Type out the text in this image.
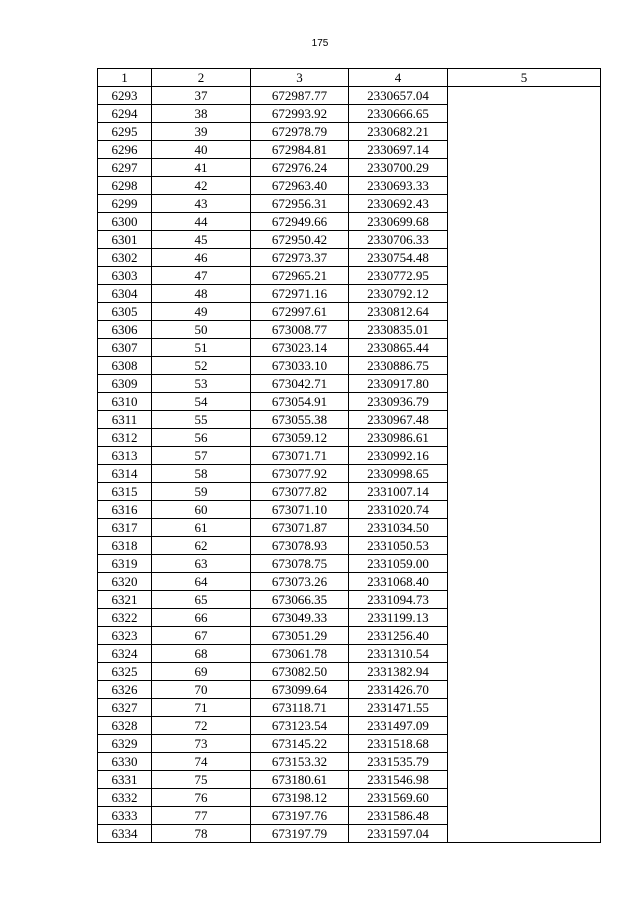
175
1	2	3	4	5
6293	37	672987.77	2330657.04	
6294	38	672993.92	2330666.65	
6295	39	672978.79	2330682.21	
6296	40	672984.81	2330697.14	
6297	41	672976.24	2330700.29	
6298	42	672963.40	2330693.33	
6299	43	672956.31	2330692.43	
6300	44	672949.66	2330699.68	
6301	45	672950.42	2330706.33	
6302	46	672973.37	2330754.48	
6303	47	672965.21	2330772.95	
6304	48	672971.16	2330792.12	
6305	49	672997.61	2330812.64	
6306	50	673008.77	2330835.01	
6307	51	673023.14	2330865.44	
6308	52	673033.10	2330886.75	
6309	53	673042.71	2330917.80	
6310	54	673054.91	2330936.79	
6311	55	673055.38	2330967.48	
6312	56	673059.12	2330986.61	
6313	57	673071.71	2330992.16	
6314	58	673077.92	2330998.65	
6315	59	673077.82	2331007.14	
6316	60	673071.10	2331020.74	
6317	61	673071.87	2331034.50	
6318	62	673078.93	2331050.53	
6319	63	673078.75	2331059.00	
6320	64	673073.26	2331068.40	
6321	65	673066.35	2331094.73	
6322	66	673049.33	2331199.13	
6323	67	673051.29	2331256.40	
6324	68	673061.78	2331310.54	
6325	69	673082.50	2331382.94	
6326	70	673099.64	2331426.70	
6327	71	673118.71	2331471.55	
6328	72	673123.54	2331497.09	
6329	73	673145.22	2331518.68	
6330	74	673153.32	2331535.79	
6331	75	673180.61	2331546.98	
6332	76	673198.12	2331569.60	
6333	77	673197.76	2331586.48	
6334	78	673197.79	2331597.04	
